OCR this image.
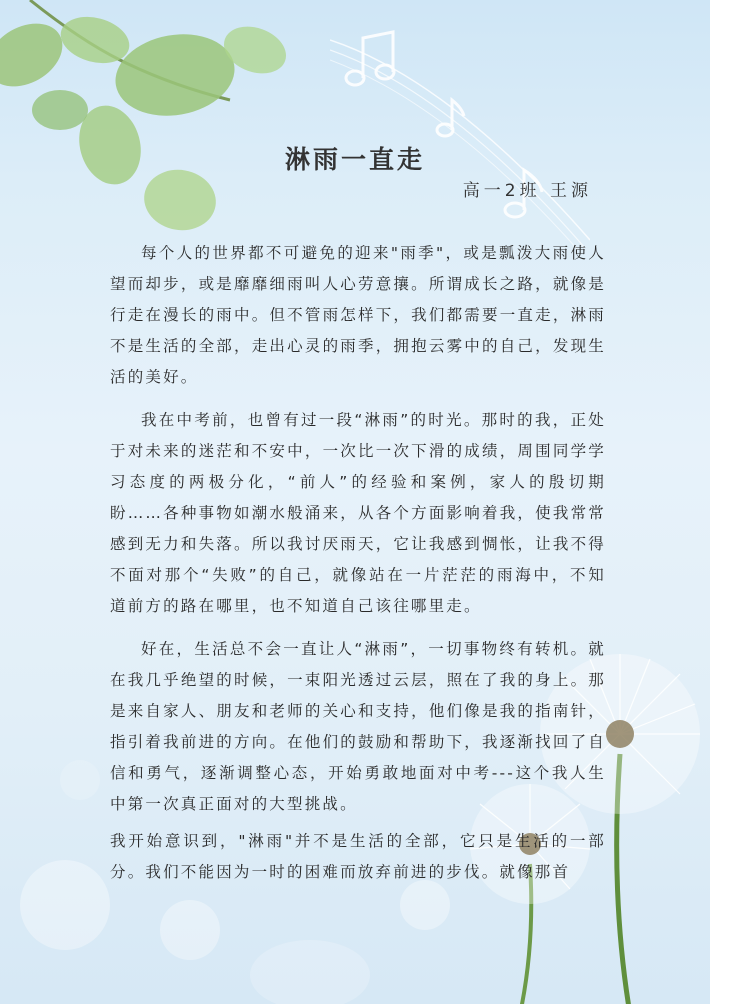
淋雨一直走
高一2班 王源

每个人的世界都不可避免的迎来"雨季"，或是瓢泼大雨使人望而却步，或是靡靡细雨叫人心劳意攘。所谓成长之路，就像是行走在漫长的雨中。但不管雨怎样下，我们都需要一直走，淋雨不是生活的全部，走出心灵的雨季，拥抱云雾中的自己，发现生活的美好。

我在中考前，也曾有过一段“淋雨”的时光。那时的我，正处于对未来的迷茫和不安中，一次比一次下滑的成绩，周围同学学习态度的两极分化，“前人”的经验和案例，家人的殷切期盼……各种事物如潮水般涌来，从各个方面影响着我，使我常常感到无力和失落。所以我讨厌雨天，它让我感到惆怅，让我不得不面对那个“失败”的自己，就像站在一片茫茫的雨海中，不知道前方的路在哪里，也不知道自己该往哪里走。

好在，生活总不会一直让人“淋雨”，一切事物终有转机。就在我几乎绝望的时候，一束阳光透过云层，照在了我的身上。那是来自家人、朋友和老师的关心和支持，他们像是我的指南针，指引着我前进的方向。在他们的鼓励和帮助下，我逐渐找回了自信和勇气，逐渐调整心态，开始勇敢地面对中考---这个我人生中第一次真正面对的大型挑战。

我开始意识到，"淋雨"并不是生活的全部，它只是生活的一部分。我们不能因为一时的困难而放弃前进的步伐。就像那首
